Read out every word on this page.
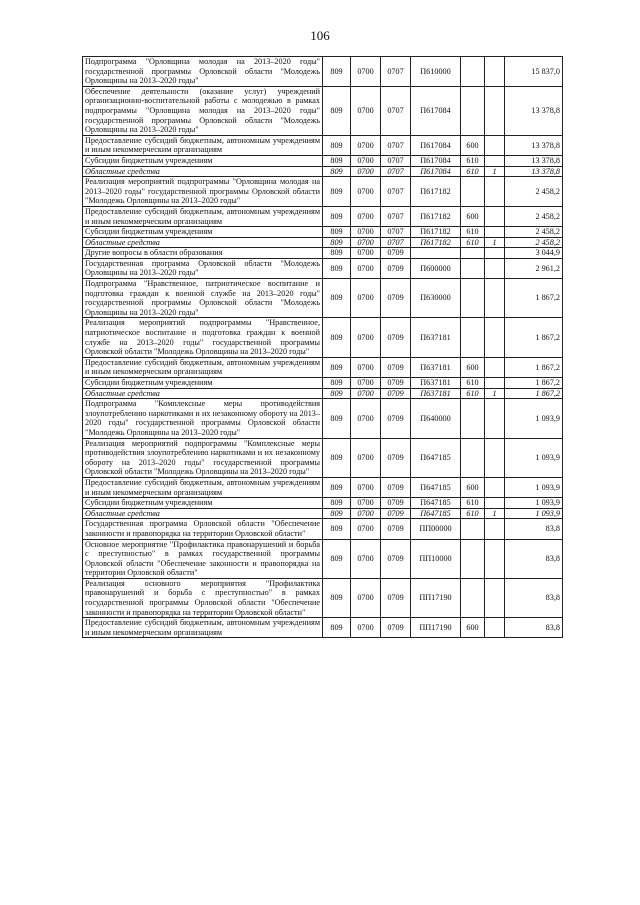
106
Подпрограмма "Орловщина молодая на 2013–2020 годы" государственной программы Орловской области "Молодежь Орловщины на 2013–2020 годы"	809	0700	0707	П610000			15 837,0
Обеспечение деятельности (оказание услуг) учреждений организационно-воспитательной работы с молодежью в рамках подпрограммы "Орловщина молодая на 2013–2020 годы" государственной программы Орловской области "Молодежь Орловщины на 2013–2020 годы"	809	0700	0707	П617084			13 378,8
Предоставление субсидий бюджетным, автономным учреждениям и иным некоммерческим организациям	809	0700	0707	П617084	600		13 378,8
Субсидии бюджетным учреждениям	809	0700	0707	П617084	610		13 378,8
Областные средства	809	0700	0707	П617084	610	1	13 378,8
Реализация мероприятий подпрограммы "Орловщина молодая на 2013–2020 годы" государственной программы Орловской области "Молодежь Орловщины на 2013–2020 годы"	809	0700	0707	П617182			2 458,2
Предоставление субсидий бюджетным, автономным учреждениям и иным некоммерческим организациям	809	0700	0707	П617182	600		2 458,2
Субсидии бюджетным учреждениям	809	0700	0707	П617182	610		2 458,2
Областные средства	809	0700	0707	П617182	610	1	2 458,2
Другие вопросы в области образования	809	0700	0709				3 044,9
Государственная программа Орловской области "Молодежь Орловщины на 2013–2020 годы"	809	0700	0709	П600000			2 961,2
Подпрограмма "Нравственное, патриотическое воспитание и подготовка граждан к военной службе на 2013–2020 годы" государственной программы Орловской области "Молодежь Орловщины на 2013–2020 годы"	809	0700	0709	П630000			1 867,2
Реализация мероприятий подпрограммы "Нравственное, патриотическое воспитание и подготовка граждан к военной службе на 2013–2020 годы" государственной программы Орловской области "Молодежь Орловщины на 2013–2020 годы"	809	0700	0709	П637181			1 867,2
Предоставление субсидий бюджетным, автономным учреждениям и иным некоммерческим организациям	809	0700	0709	П637181	600		1 867,2
Субсидии бюджетным учреждениям	809	0700	0709	П637181	610		1 867,2
Областные средства	809	0700	0709	П637181	610	1	1 867,2
Подпрограмма "Комплексные меры противодействия злоупотреблению наркотиками и их незаконному обороту на 2013–2020 годы" государственной программы Орловской области "Молодежь Орловщины на 2013–2020 годы"	809	0700	0709	П640000			1 093,9
Реализация мероприятий подпрограммы "Комплексные меры противодействия злоупотреблению наркотиками и их незаконному обороту на 2013–2020 годы" государственной программы Орловской области "Молодежь Орловщины на 2013–2020 годы"	809	0700	0709	П647185			1 093,9
Предоставление субсидий бюджетным, автономным учреждениям и иным некоммерческим организациям	809	0700	0709	П647185	600		1 093,9
Субсидии бюджетным учреждениям	809	0700	0709	П647185	610		1 093,9
Областные средства	809	0700	0709	П647185	610	1	1 093,9
Государственная программа Орловской области "Обеспечение законности и правопорядка на территории Орловской области"	809	0700	0709	ПП00000			83,8
Основное мероприятие "Профилактика правонарушений и борьба с преступностью" в рамках государственной программы Орловской области "Обеспечение законности и правопорядка на территории Орловской области"	809	0700	0709	ПП10000			83,8
Реализация основного мероприятия "Профилактика правонарушений и борьба с преступностью" в рамках государственной программы Орловской области "Обеспечение законности и правопорядка на территории Орловской области"	809	0700	0709	ПП17190			83,8
Предоставление субсидий бюджетным, автономным учреждениям и иным некоммерческим организациям	809	0700	0709	ПП17190	600		83,8
